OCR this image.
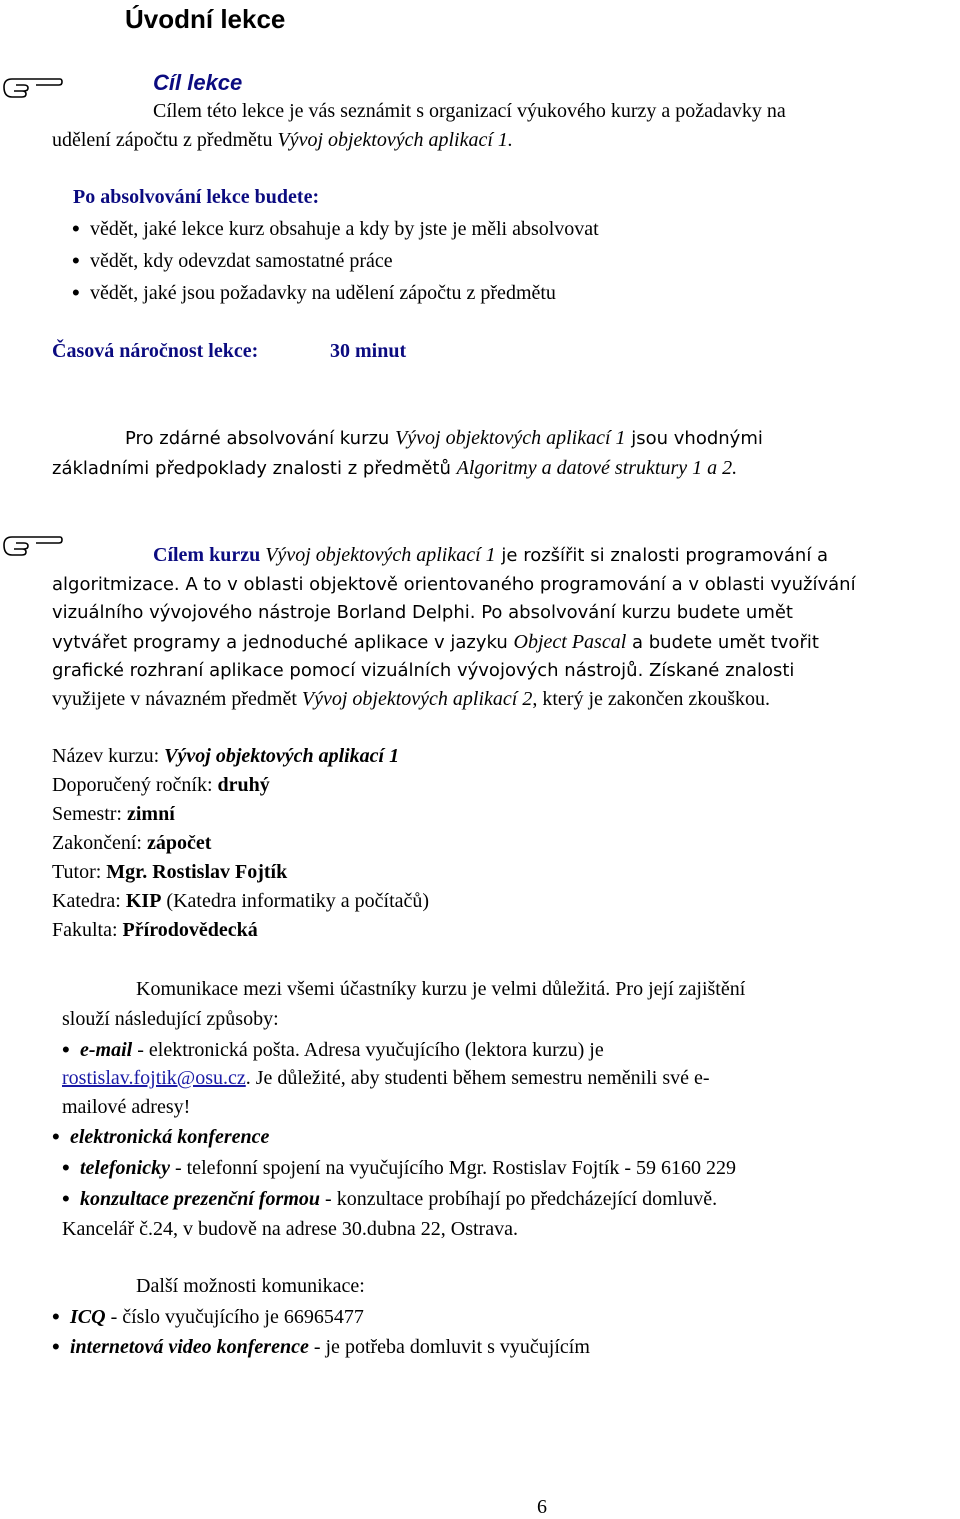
Úvodní lekce
Cíl lekce
Cílem této lekce je vás seznámit s organizací výukového kurzy a požadavky na
udělení zápočtu z předmětu Vývoj objektových aplikací 1.
Po absolvování lekce budete:
• vědět, jaké lekce kurz obsahuje a kdy by jste je měli absolvovat
• vědět, kdy odevzdat samostatné práce
• vědět, jaké jsou požadavky na udělení zápočtu z předmětu
Časová náročnost lekce:	30 minut
Pro zdárné absolvování kurzu Vývoj objektových aplikací 1 jsou vhodnými
základními předpoklady znalosti z předmětů Algoritmy a datové struktury 1 a 2.
Cílem kurzu Vývoj objektových aplikací 1 je rozšířit si znalosti programování a
algoritmizace. A to v oblasti objektově orientovaného programování a v oblasti využívání
vizuálního vývojového nástroje Borland Delphi. Po absolvování kurzu budete umět
vytvářet programy a jednoduché aplikace v jazyku Object Pascal a budete umět tvořit
grafické rozhraní aplikace pomocí vizuálních vývojových nástrojů. Získané znalosti
využijete v návazném předmět Vývoj objektových aplikací 2, který je zakončen zkouškou.
Název kurzu: Vývoj objektových aplikací 1
Doporučený ročník: druhý
Semestr: zimní
Zakončení: zápočet
Tutor: Mgr. Rostislav Fojtík
Katedra: KIP (Katedra informatiky a počítačů)
Fakulta: Přírodovědecká
Komunikace mezi všemi účastníky kurzu je velmi důležitá. Pro její zajištění
slouží následující způsoby:
• e-mail - elektronická pošta. Adresa vyučujícího (lektora kurzu) je
rostislav.fojtik@osu.cz. Je důležité, aby studenti během semestru neměnili své e-
mailové adresy!
• elektronická konference
• telefonicky - telefonní spojení na vyučujícího Mgr. Rostislav Fojtík - 59 6160 229
• konzultace prezenční formou - konzultace probíhají po předcházející domluvě.
Kancelář č.24, v budově na adrese 30.dubna 22, Ostrava.
Další možnosti komunikace:
• ICQ - číslo vyučujícího je 66965477
• internetová video konference - je potřeba domluvit s vyučujícím
6
